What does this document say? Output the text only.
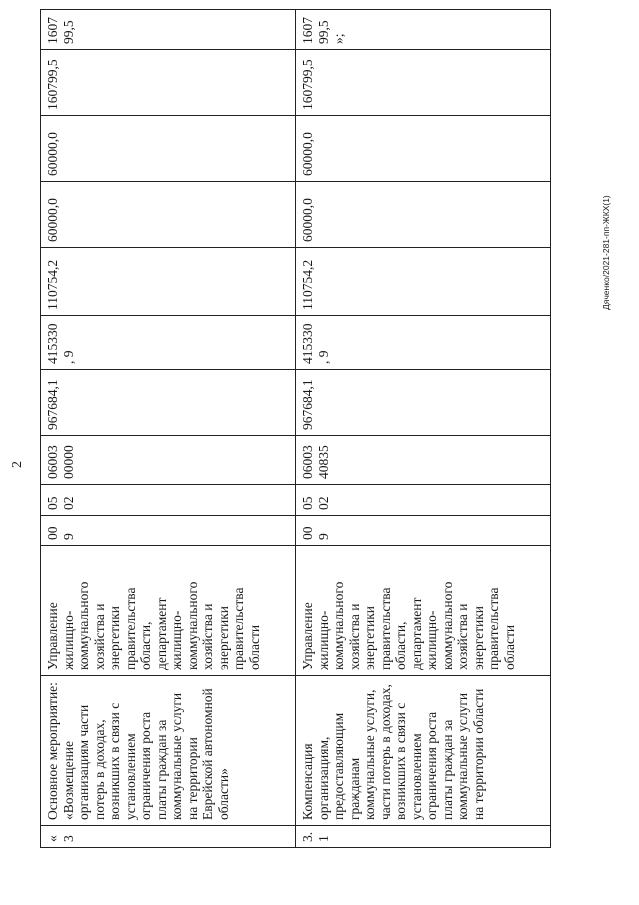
2
«3	Основное мероприятие: «Возмещение организациям части потерь в доходах, возникших в связи с установлением ограничения роста платы граждан за коммунальные услуги на территории Еврейской автономной области»	Управление жилищно-коммунального хозяйства и энергетики правительства области, департамент жилищно-коммунального хозяйства и энергетики правительства области	009	0502	06003 00000	967684,1	415330, 9	110754,2	60000,0	60000,0	160799,5	160799,5
3.1	Компенсация организациям, предоставляющим гражданам коммунальные услуги, части потерь в доходах, возникших в связи с установлением ограничения роста платы граждан за коммунальные услуги на территории области	Управление жилищно-коммунального хозяйства и энергетики правительства области, департамент жилищно-коммунального хозяйства и энергетики правительства области	009	0502	06003 40835	967684,1	415330, 9	110754,2	60000,0	60000,0	160799,5	160799,5 »;
Дяченко/2021-281-пп-ЖКХ(1)
